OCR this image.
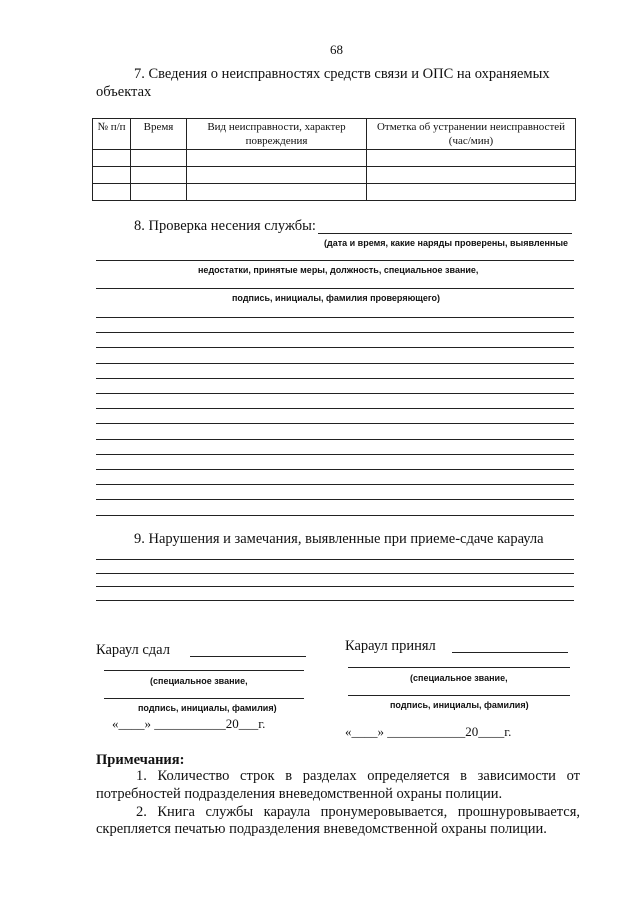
68
7. Сведения о неисправностях средств связи и ОПС на охраняемых
объектах
№ п/п	Время	Вид неисправности, характер повреждения	Отметка об устранении неисправностей (час/мин)

8. Проверка несения службы:
(дата и время, какие наряды проверены, выявленные
недостатки, принятые меры, должность, специальное звание,
подпись, инициалы, фамилия проверяющего)
9. Нарушения и замечания, выявленные при приеме-сдаче караула
Караул сдал
(специальное звание,
подпись, инициалы, фамилия)
«____» ___________20___г.
Караул принял
(специальное звание,
подпись, инициалы, фамилия)
«____» ____________20____г.
Примечания:
1. Количество строк в разделах определяется в зависимости от
потребностей подразделения вневедомственной охраны полиции.
2. Книга службы караула пронумеровывается, прошнуровывается,
скрепляется печатью подразделения вневедомственной охраны полиции.
